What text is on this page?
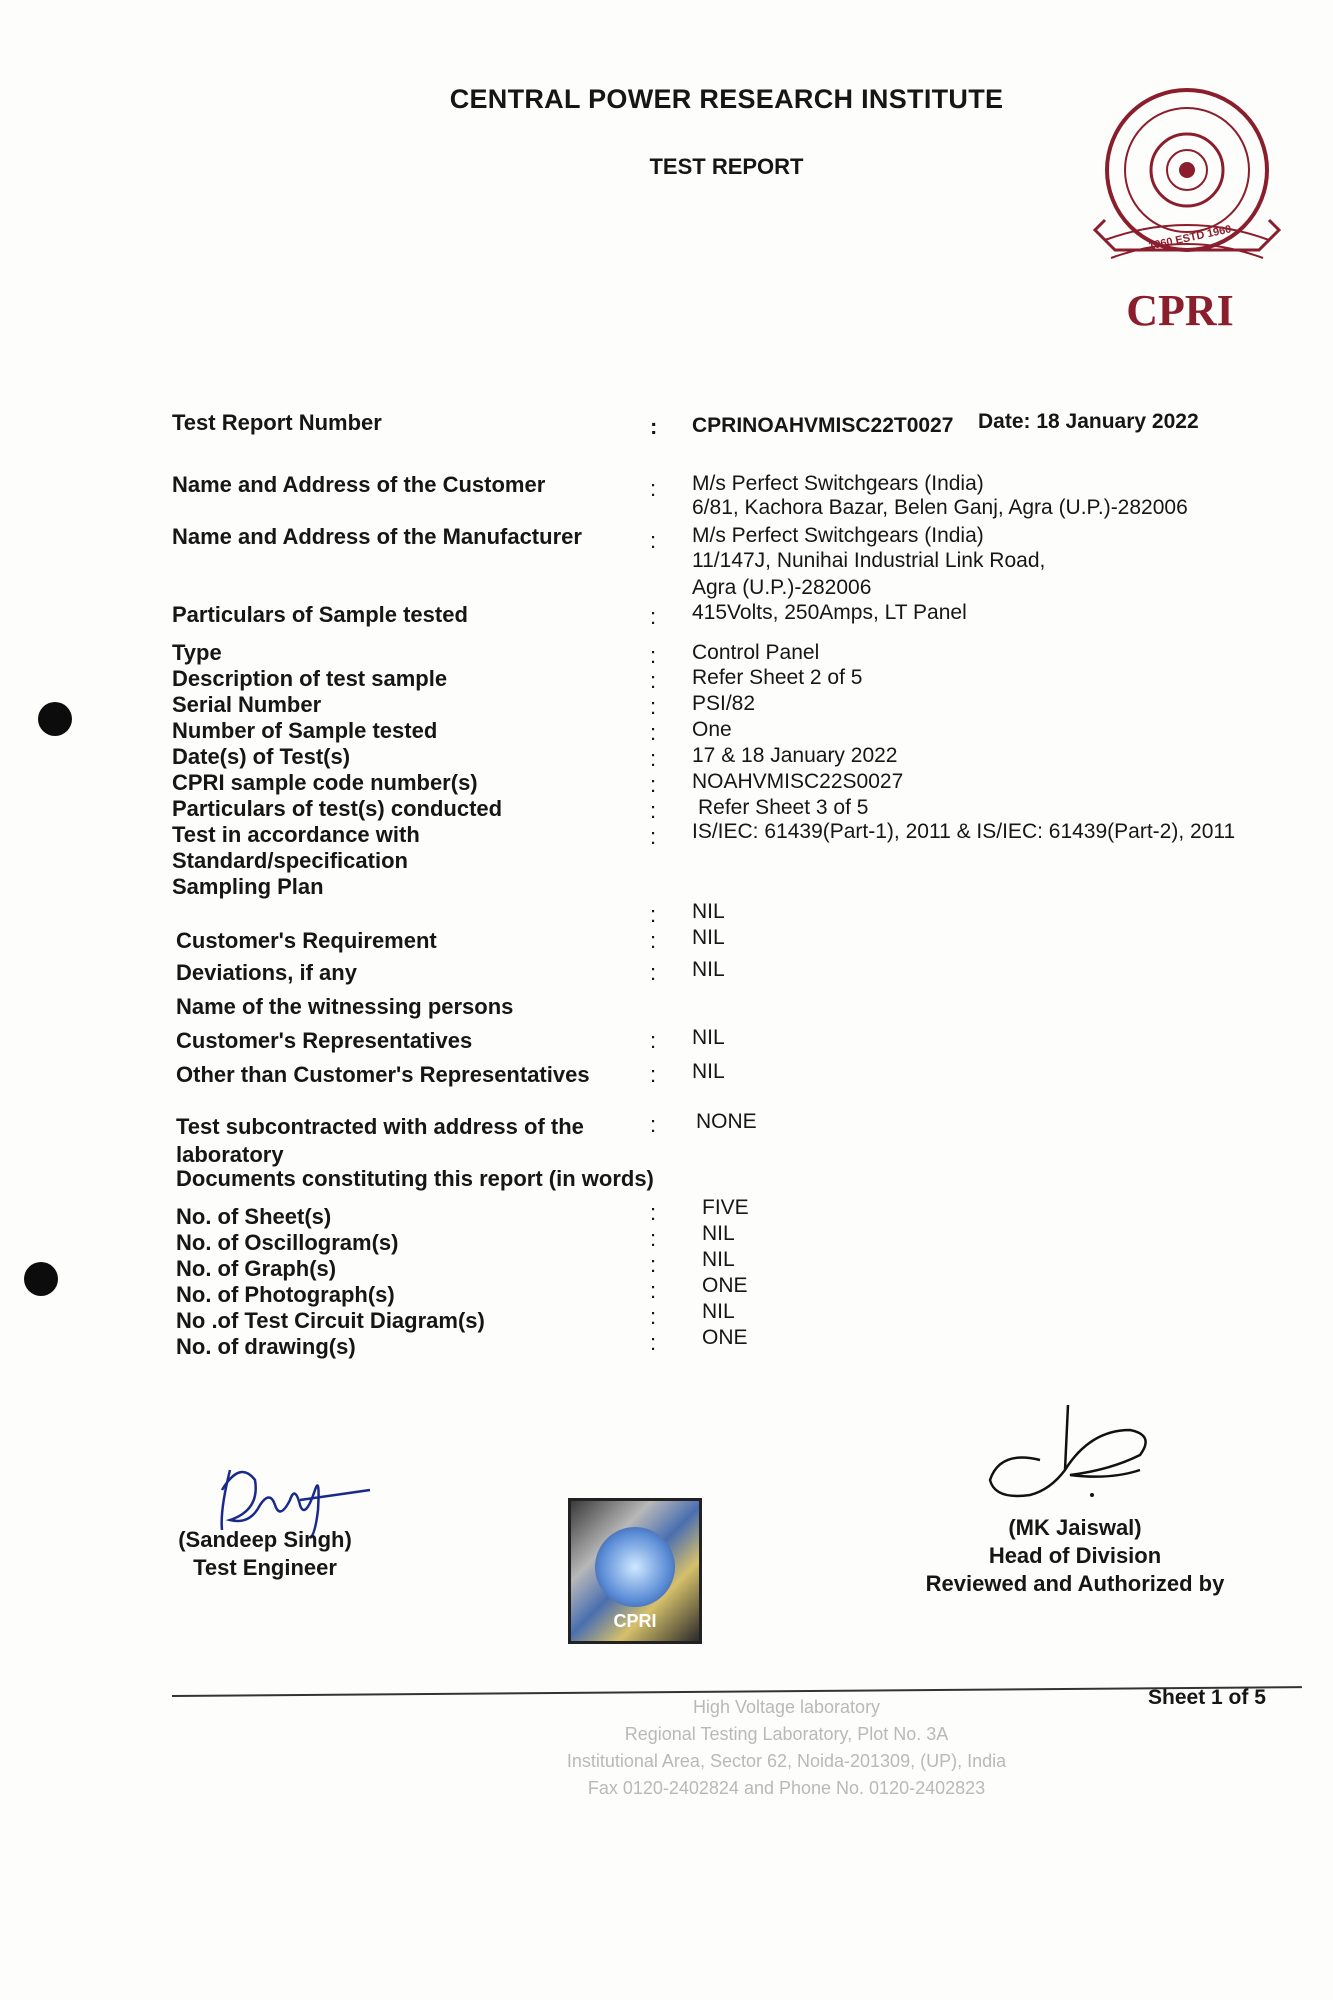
CENTRAL POWER RESEARCH INSTITUTE
TEST REPORT
1960 ESTD 1960
CPRI
Test Report Number	: CPRINOAHVMISC22T0027 Date: 18 January 2022
Name and Address of the Customer	: M/s Perfect Switchgears (India)
6/81, Kachora Bazar, Belen Ganj, Agra (U.P.)-282006
Name and Address of the Manufacturer	: M/s Perfect Switchgears (India)
11/147J, Nunihai Industrial Link Road,
Agra (U.P.)-282006
Particulars of Sample tested	: 415Volts, 250Amps, LT Panel
Type	: Control Panel
Description of test sample	: Refer Sheet 2 of 5
Serial Number	: PSI/82
Number of Sample tested	: One
Date(s) of Test(s)	: 17 & 18 January 2022
CPRI sample code number(s)	: NOAHVMISC22S0027
Particulars of test(s) conducted	: Refer Sheet 3 of 5
Test in accordance with
Standard/specification
: IS/IEC: 61439(Part-1), 2011 & IS/IEC: 61439(Part-2), 2011
Sampling Plan
: NIL
Customer's Requirement	: NIL
Deviations, if any	: NIL
Name of the witnessing persons
Customer's Representatives	: NIL
Other than Customer's Representatives	: NIL
Test subcontracted with address of the
laboratory
: NONE
Documents constituting this report (in words)
No. of Sheet(s)	: FIVE
No. of Oscillogram(s)	: NIL
No. of Graph(s)	: NIL
No. of Photograph(s)	: ONE
No .of Test Circuit Diagram(s)	: NIL
No. of drawing(s)	: ONE
(Sandeep Singh)
Test Engineer
CPRI
(MK Jaiswal)
Head of Division
Reviewed and Authorized by
Sheet 1 of 5
High Voltage laboratory
Regional Testing Laboratory, Plot No. 3A
Institutional Area, Sector 62, Noida-201309, (UP), India
Fax 0120-2402824 and Phone No. 0120-2402823
